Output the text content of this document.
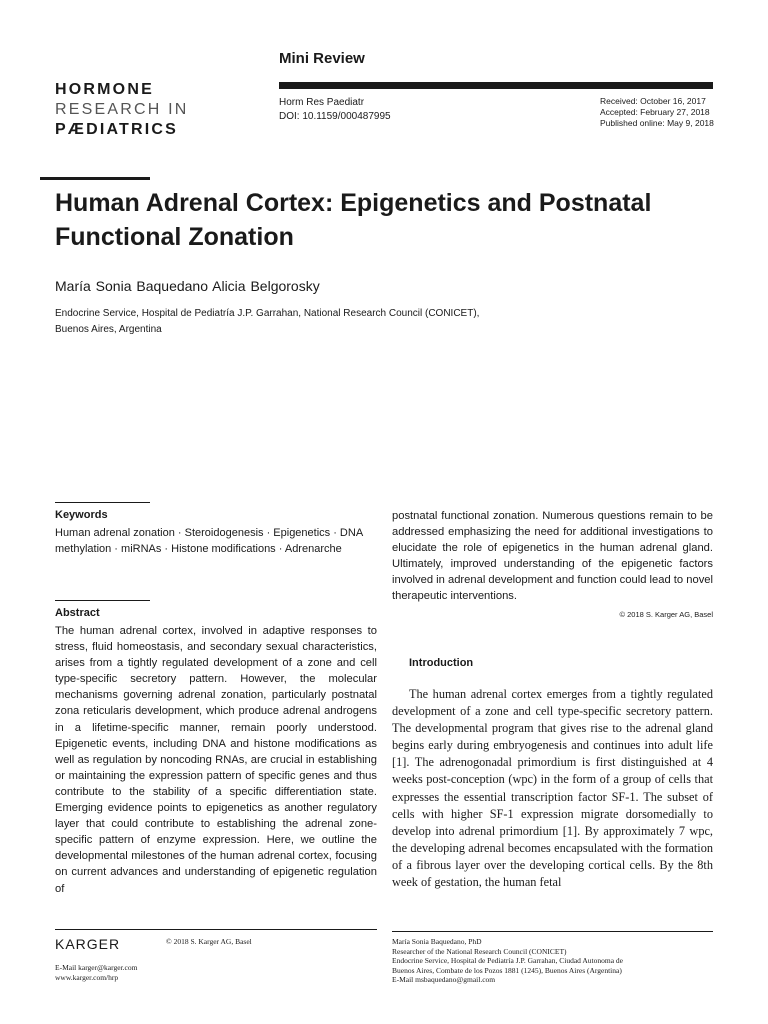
HORMONE
RESEARCH IN
PÆDIATRICS
Mini Review
Horm Res Paediatr
DOI: 10.1159/000487995
Received: October 16, 2017
Accepted: February 27, 2018
Published online: May 9, 2018
Human Adrenal Cortex: Epigenetics and Postnatal Functional Zonation
María Sonia Baquedano Alicia Belgorosky
Endocrine Service, Hospital de Pediatría J.P. Garrahan, National Research Council (CONICET), Buenos Aires, Argentina
Keywords
Human adrenal zonation · Steroidogenesis · Epigenetics · DNA methylation · miRNAs · Histone modifications · Adrenarche
Abstract
The human adrenal cortex, involved in adaptive responses to stress, fluid homeostasis, and secondary sexual characteristics, arises from a tightly regulated development of a zone and cell type-specific secretory pattern. However, the molecular mechanisms governing adrenal zonation, particularly postnatal zona reticularis development, which produce adrenal androgens in a lifetime-specific manner, remain poorly understood. Epigenetic events, including DNA and histone modifications as well as regulation by noncoding RNAs, are crucial in establishing or maintaining the expression pattern of specific genes and thus contribute to the stability of a specific differentiation state. Emerging evidence points to epigenetics as another regulatory layer that could contribute to establishing the adrenal zone-specific pattern of enzyme expression. Here, we outline the developmental milestones of the human adrenal cortex, focusing on current advances and understanding of epigenetic regulation of
postnatal functional zonation. Numerous questions remain to be addressed emphasizing the need for additional investigations to elucidate the role of epigenetics in the human adrenal gland. Ultimately, improved understanding of the epigenetic factors involved in adrenal development and function could lead to novel therapeutic interventions.
© 2018 S. Karger AG, Basel
Introduction
The human adrenal cortex emerges from a tightly regulated development of a zone and cell type-specific secretory pattern. The developmental program that gives rise to the adrenal gland begins early during embryogenesis and continues into adult life [1]. The adrenogonadal primordium is first distinguished at 4 weeks post-conception (wpc) in the form of a group of cells that expresses the essential transcription factor SF-1. The subset of cells with higher SF-1 expression migrate dorsomedially to develop into adrenal primordium [1]. By approximately 7 wpc, the developing adrenal becomes encapsulated with the formation of a fibrous layer over the developing cortical cells. By the 8th week of gestation, the human fetal
KARGER	© 2018 S. Karger AG, Basel
E-Mail karger@karger.com
www.karger.com/hrp
María Sonia Baquedano, PhD
Researcher of the National Research Council (CONICET)
Endocrine Service, Hospital de Pediatría J.P. Garrahan, Ciudad Autonoma de
Buenos Aires, Combate de los Pozos 1881 (1245), Buenos Aires (Argentina)
E-Mail msbaquedano@gmail.com
